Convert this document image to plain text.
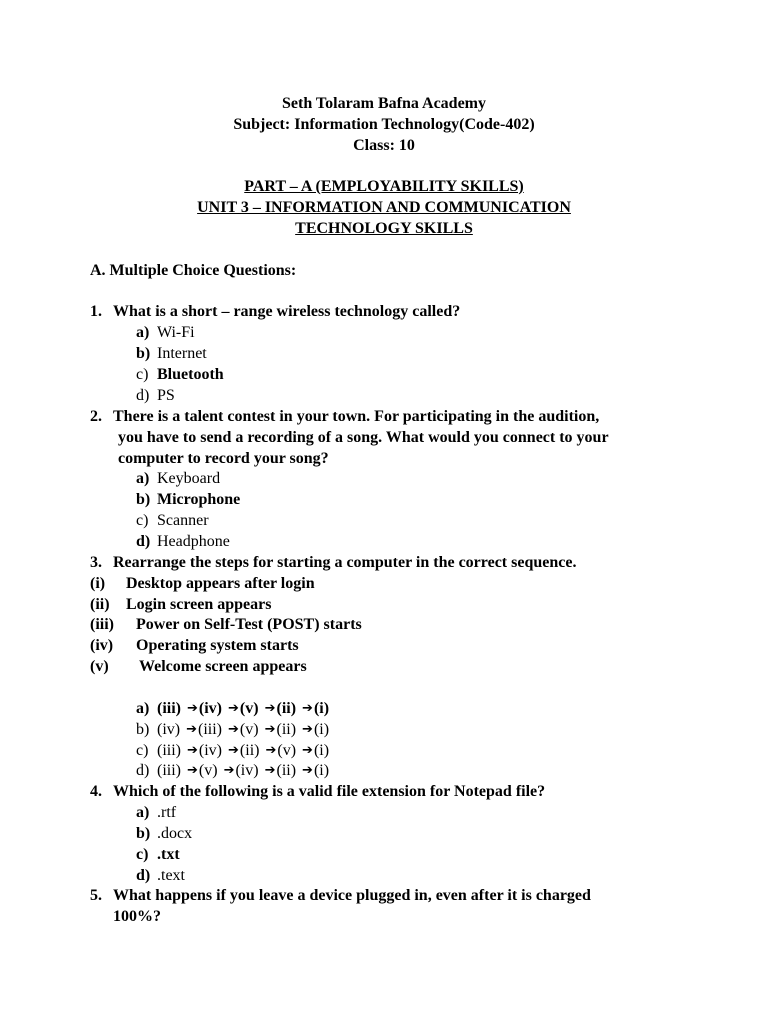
Seth Tolaram Bafna Academy
Subject: Information Technology(Code-402)
Class: 10
PART – A (EMPLOYABILITY SKILLS)
UNIT 3 – INFORMATION AND COMMUNICATION
TECHNOLOGY SKILLS
A. Multiple Choice Questions:
1. What is a short – range wireless technology called?
a) Wi-Fi
b) Internet
c) Bluetooth
d) PS
2. There is a talent contest in your town. For participating in the audition,
you have to send a recording of a song. What would you connect to your
computer to record your song?
a) Keyboard
b) Microphone
c) Scanner
d) Headphone
3. Rearrange the steps for starting a computer in the correct sequence.
(i) Desktop appears after login
(ii) Login screen appears
(iii) Power on Self-Test (POST) starts
(iv) Operating system starts
(v) Welcome screen appears
a) (iii) ➔(iv) ➔(v) ➔(ii) ➔(i)
b) (iv) ➔(iii) ➔(v) ➔(ii) ➔(i)
c) (iii) ➔(iv) ➔(ii) ➔(v) ➔(i)
d) (iii) ➔(v) ➔(iv) ➔(ii) ➔(i)
4. Which of the following is a valid file extension for Notepad file?
a) .rtf
b) .docx
c) .txt
d) .text
5. What happens if you leave a device plugged in, even after it is charged
100%?
